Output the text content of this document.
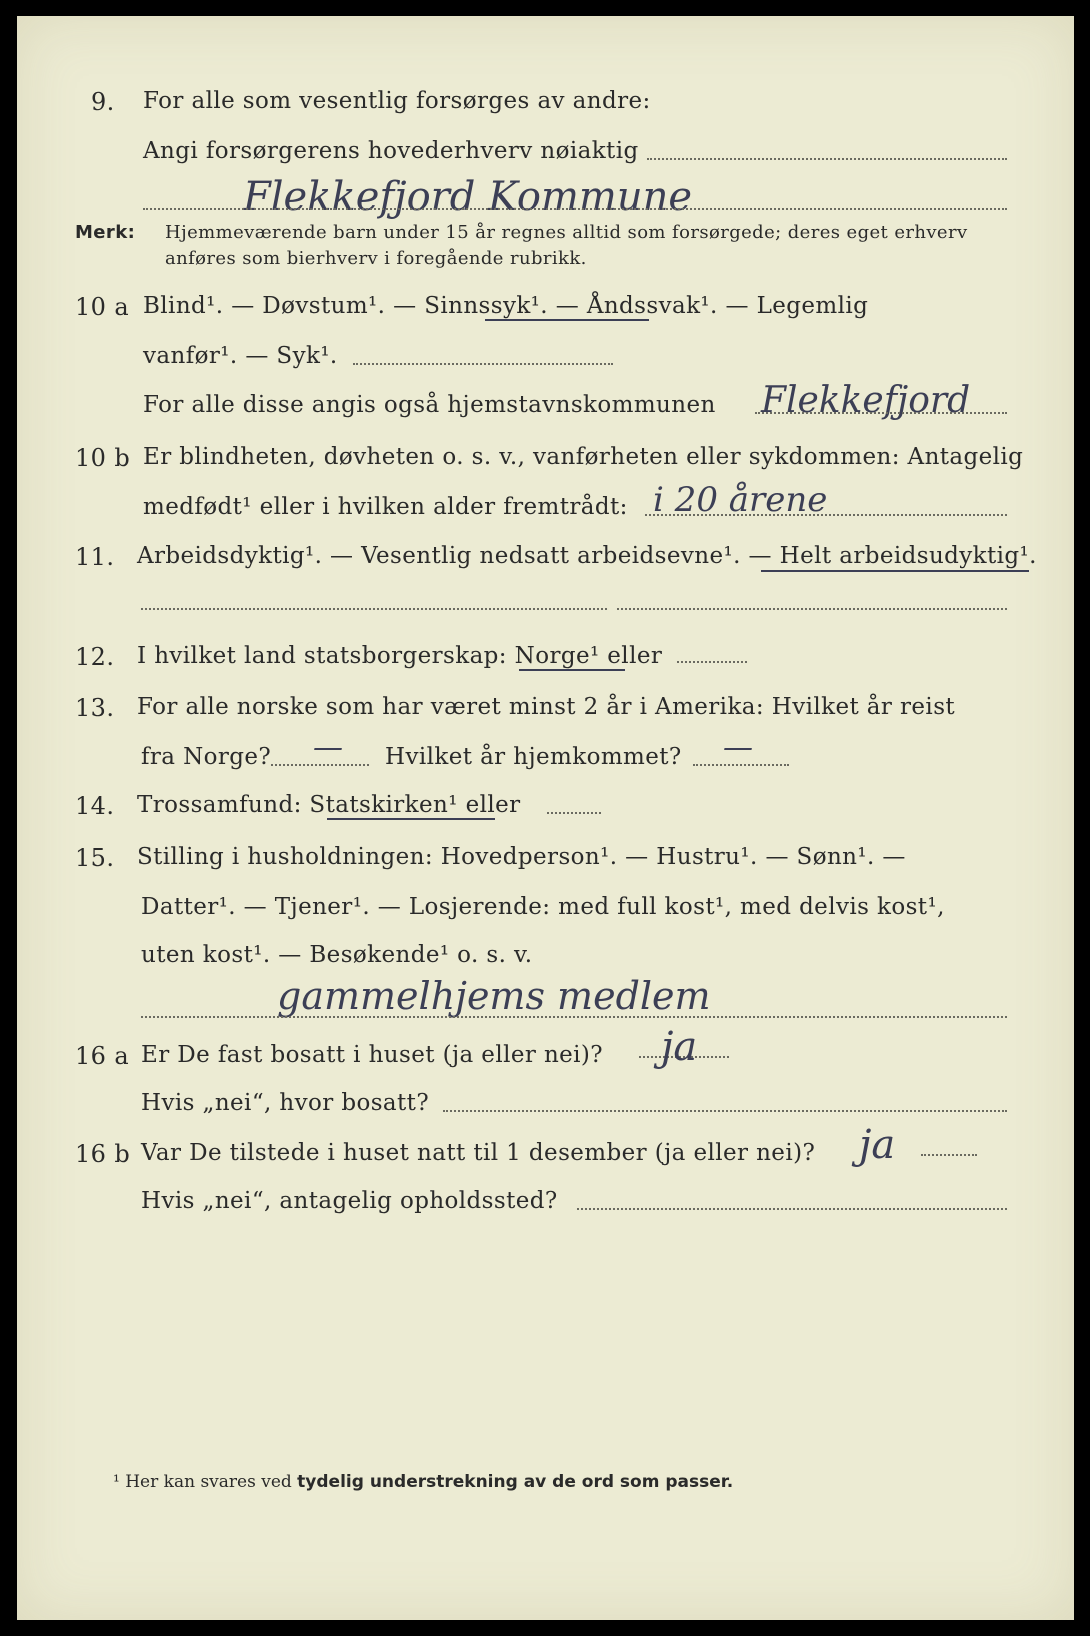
9. For alle som vesentlig forsørges av andre:
Angi forsørgerens hovederhverv nøiaktig
Flekkefjord Kommune
Merk: Hjemmeværende barn under 15 år regnes alltid som forsørgede; deres eget erhverv
anføres som bierhverv i foregående rubrikk.
10 a Blind¹. — Døvstum¹. — Sinnssyk¹. — Åndssvak¹. — Legemlig
vanfør¹. — Syk¹.
For alle disse angis også hjemstavnskommunen Flekkefjord
10 b Er blindheten, døvheten o. s. v., vanførheten eller sykdommen: Antagelig
medfødt¹ eller i hvilken alder fremtrådt: i 20 årene
11. Arbeidsdyktig¹. — Vesentlig nedsatt arbeidsevne¹. — Helt arbeidsudyktig¹.
12. I hvilket land statsborgerskap: Norge¹ eller
13. For alle norske som har været minst 2 år i Amerika: Hvilket år reist
fra Norge? — Hvilket år hjemkommet? —
14. Trossamfund: Statskirken¹ eller
15. Stilling i husholdningen: Hovedperson¹. — Hustru¹. — Sønn¹. —
Datter¹. — Tjener¹. — Losjerende: med full kost¹, med delvis kost¹,
uten kost¹. — Besøkende¹ o. s. v.
gammelhjems medlem
16 a Er De fast bosatt i huset (ja eller nei)? ja
Hvis „nei“, hvor bosatt?
16 b Var De tilstede i huset natt til 1 desember (ja eller nei)? ja
Hvis „nei“, antagelig opholdssted?
¹ Her kan svares ved tydelig understrekning av de ord som passer.
